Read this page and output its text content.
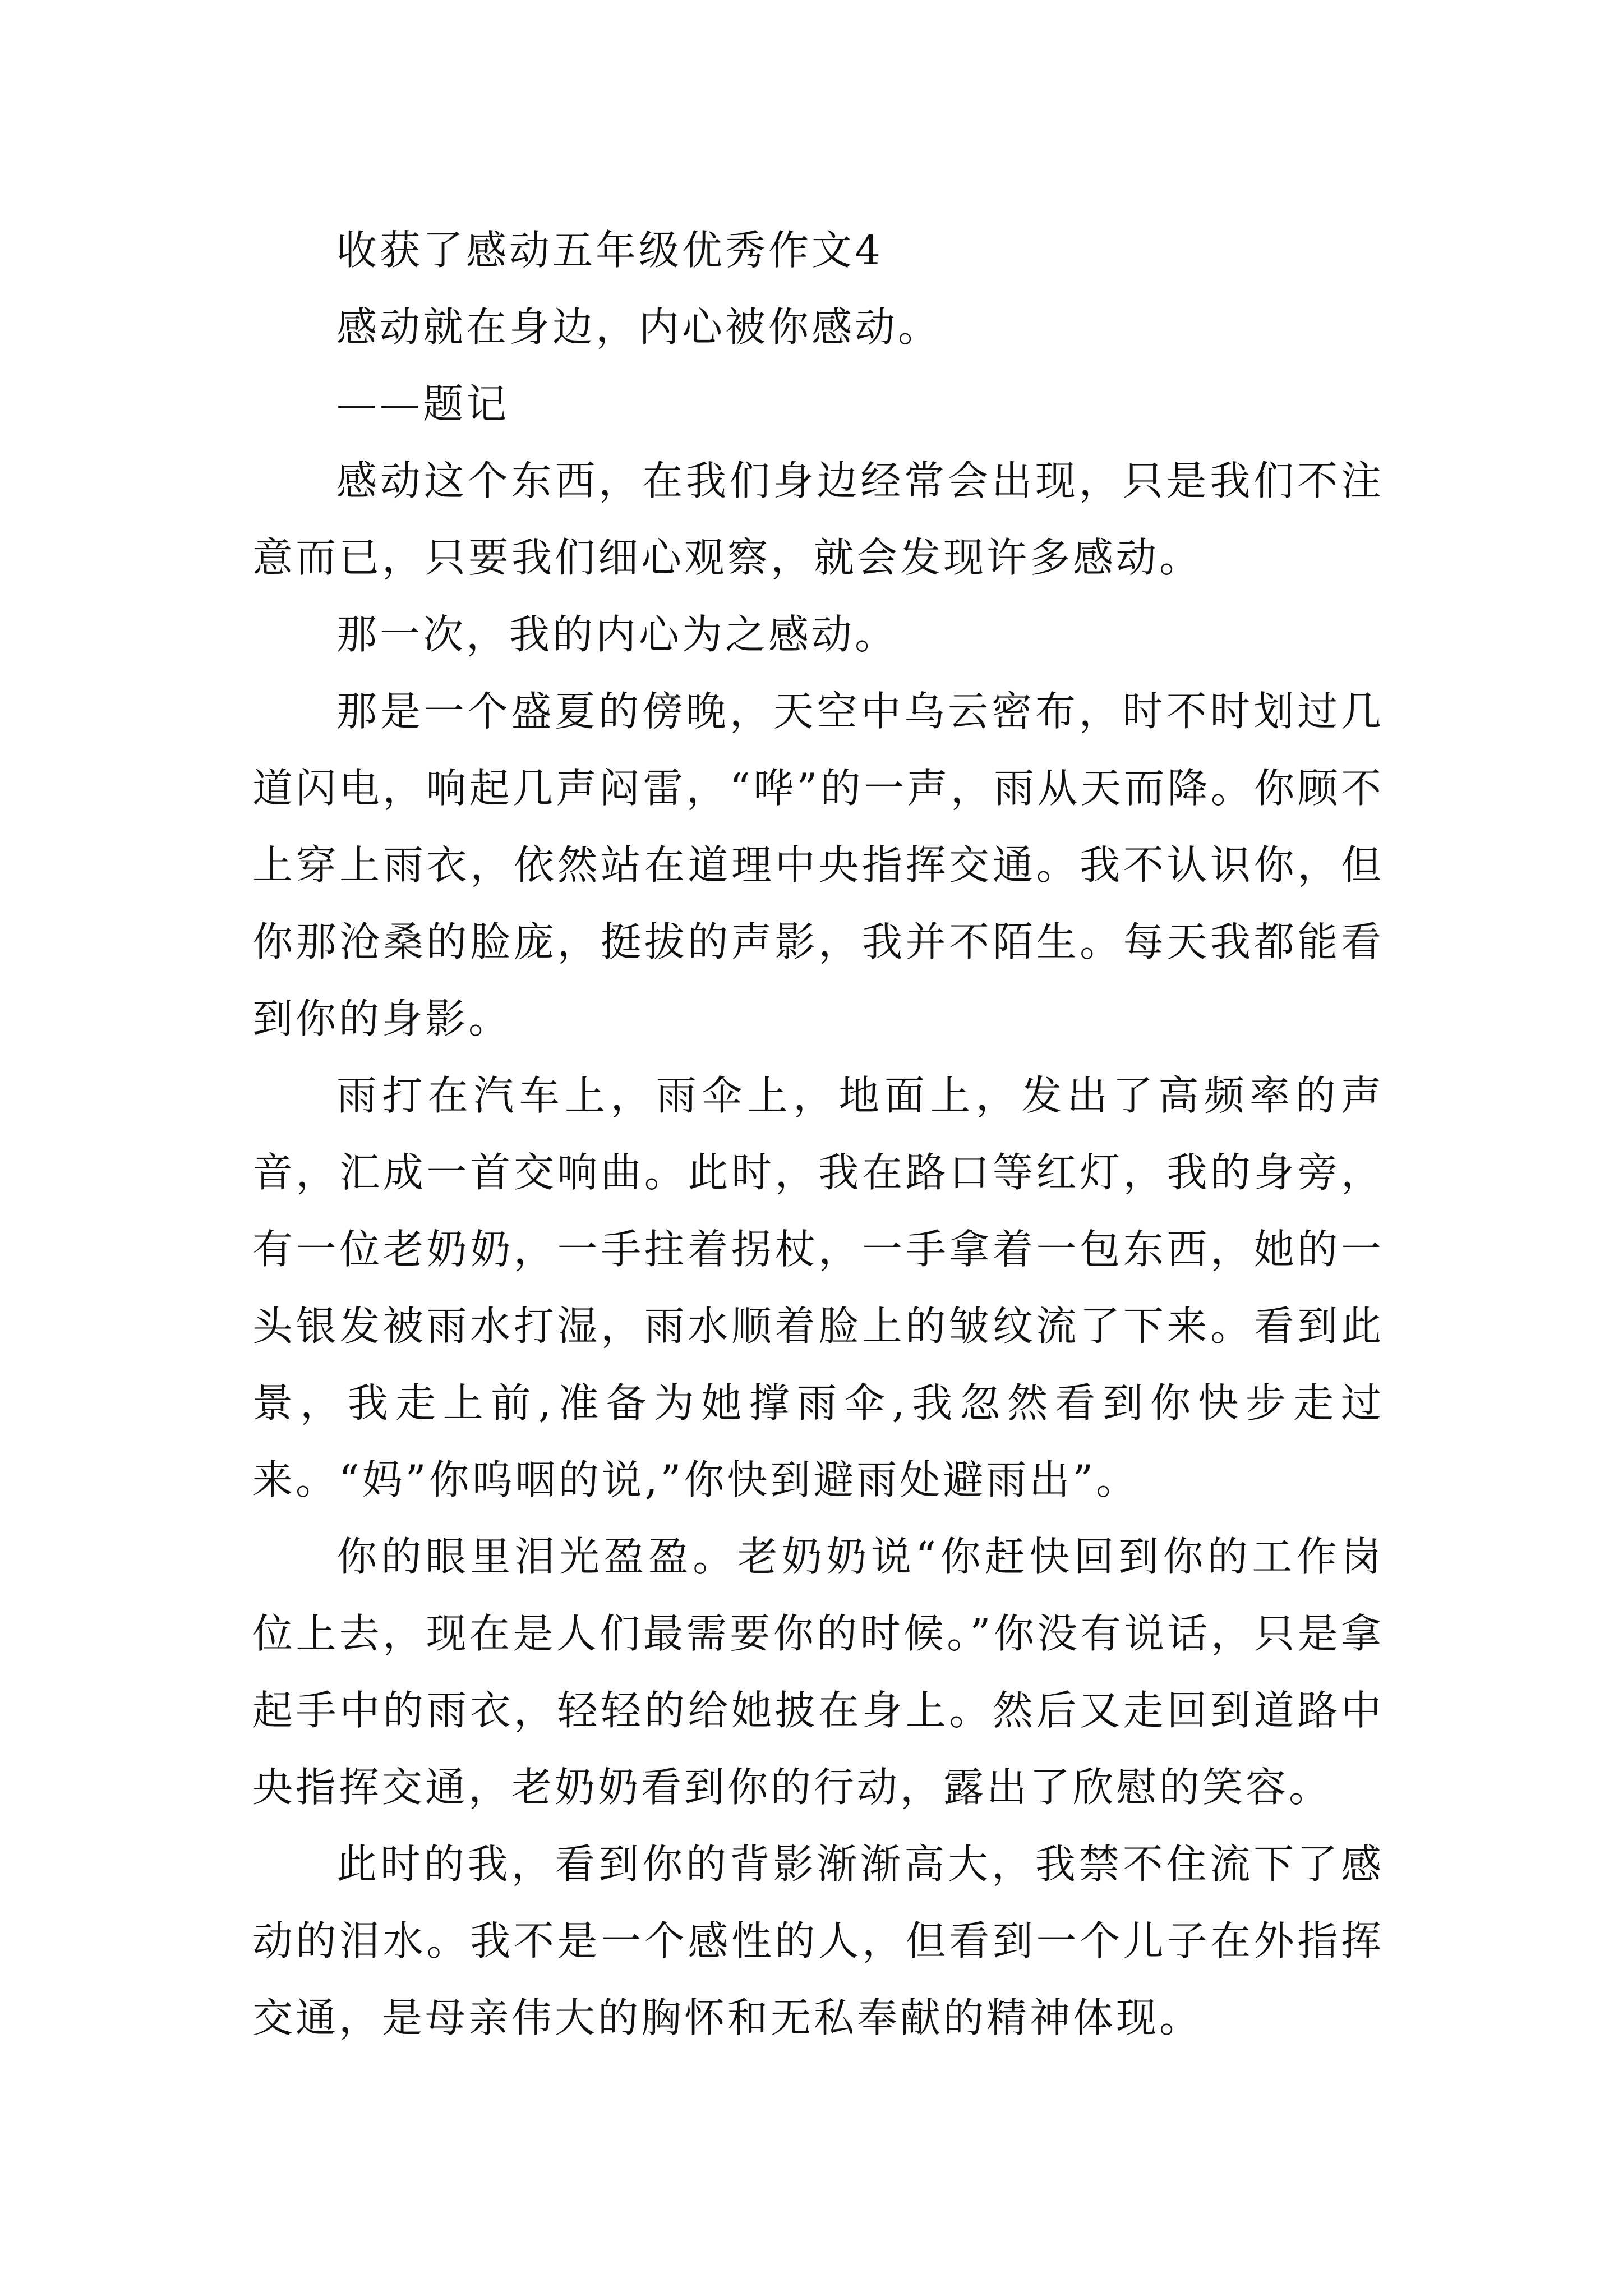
收获了感动五年级优秀作文4

感动就在身边，内心被你感动。

——题记

感动这个东西，在我们身边经常会出现，只是我们不注意而已，只要我们细心观察，就会发现许多感动。

那一次，我的内心为之感动。

那是一个盛夏的傍晚，天空中乌云密布，时不时划过几道闪电，响起几声闷雷，“哗”的一声，雨从天而降。你顾不上穿上雨衣，依然站在道理中央指挥交通。我不认识你，但你那沧桑的脸庞，挺拔的声影，我并不陌生。每天我都能看到你的身影。

雨打在汽车上，雨伞上，地面上，发出了高频率的声音，汇成一首交响曲。此时，我在路口等红灯，我的身旁，有一位老奶奶，一手拄着拐杖，一手拿着一包东西，她的一头银发被雨水打湿，雨水顺着脸上的皱纹流了下来。看到此景，我走上前,准备为她撑雨伞,我忽然看到你快步走过来。“妈”你呜咽的说,”你快到避雨处避雨出”。

你的眼里泪光盈盈。老奶奶说“你赶快回到你的工作岗位上去，现在是人们最需要你的时候。”你没有说话，只是拿起手中的雨衣，轻轻的给她披在身上。然后又走回到道路中央指挥交通，老奶奶看到你的行动，露出了欣慰的笑容。

此时的我，看到你的背影渐渐高大，我禁不住流下了感动的泪水。我不是一个感性的人，但看到一个儿子在外指挥交通，是母亲伟大的胸怀和无私奉献的精神体现。
